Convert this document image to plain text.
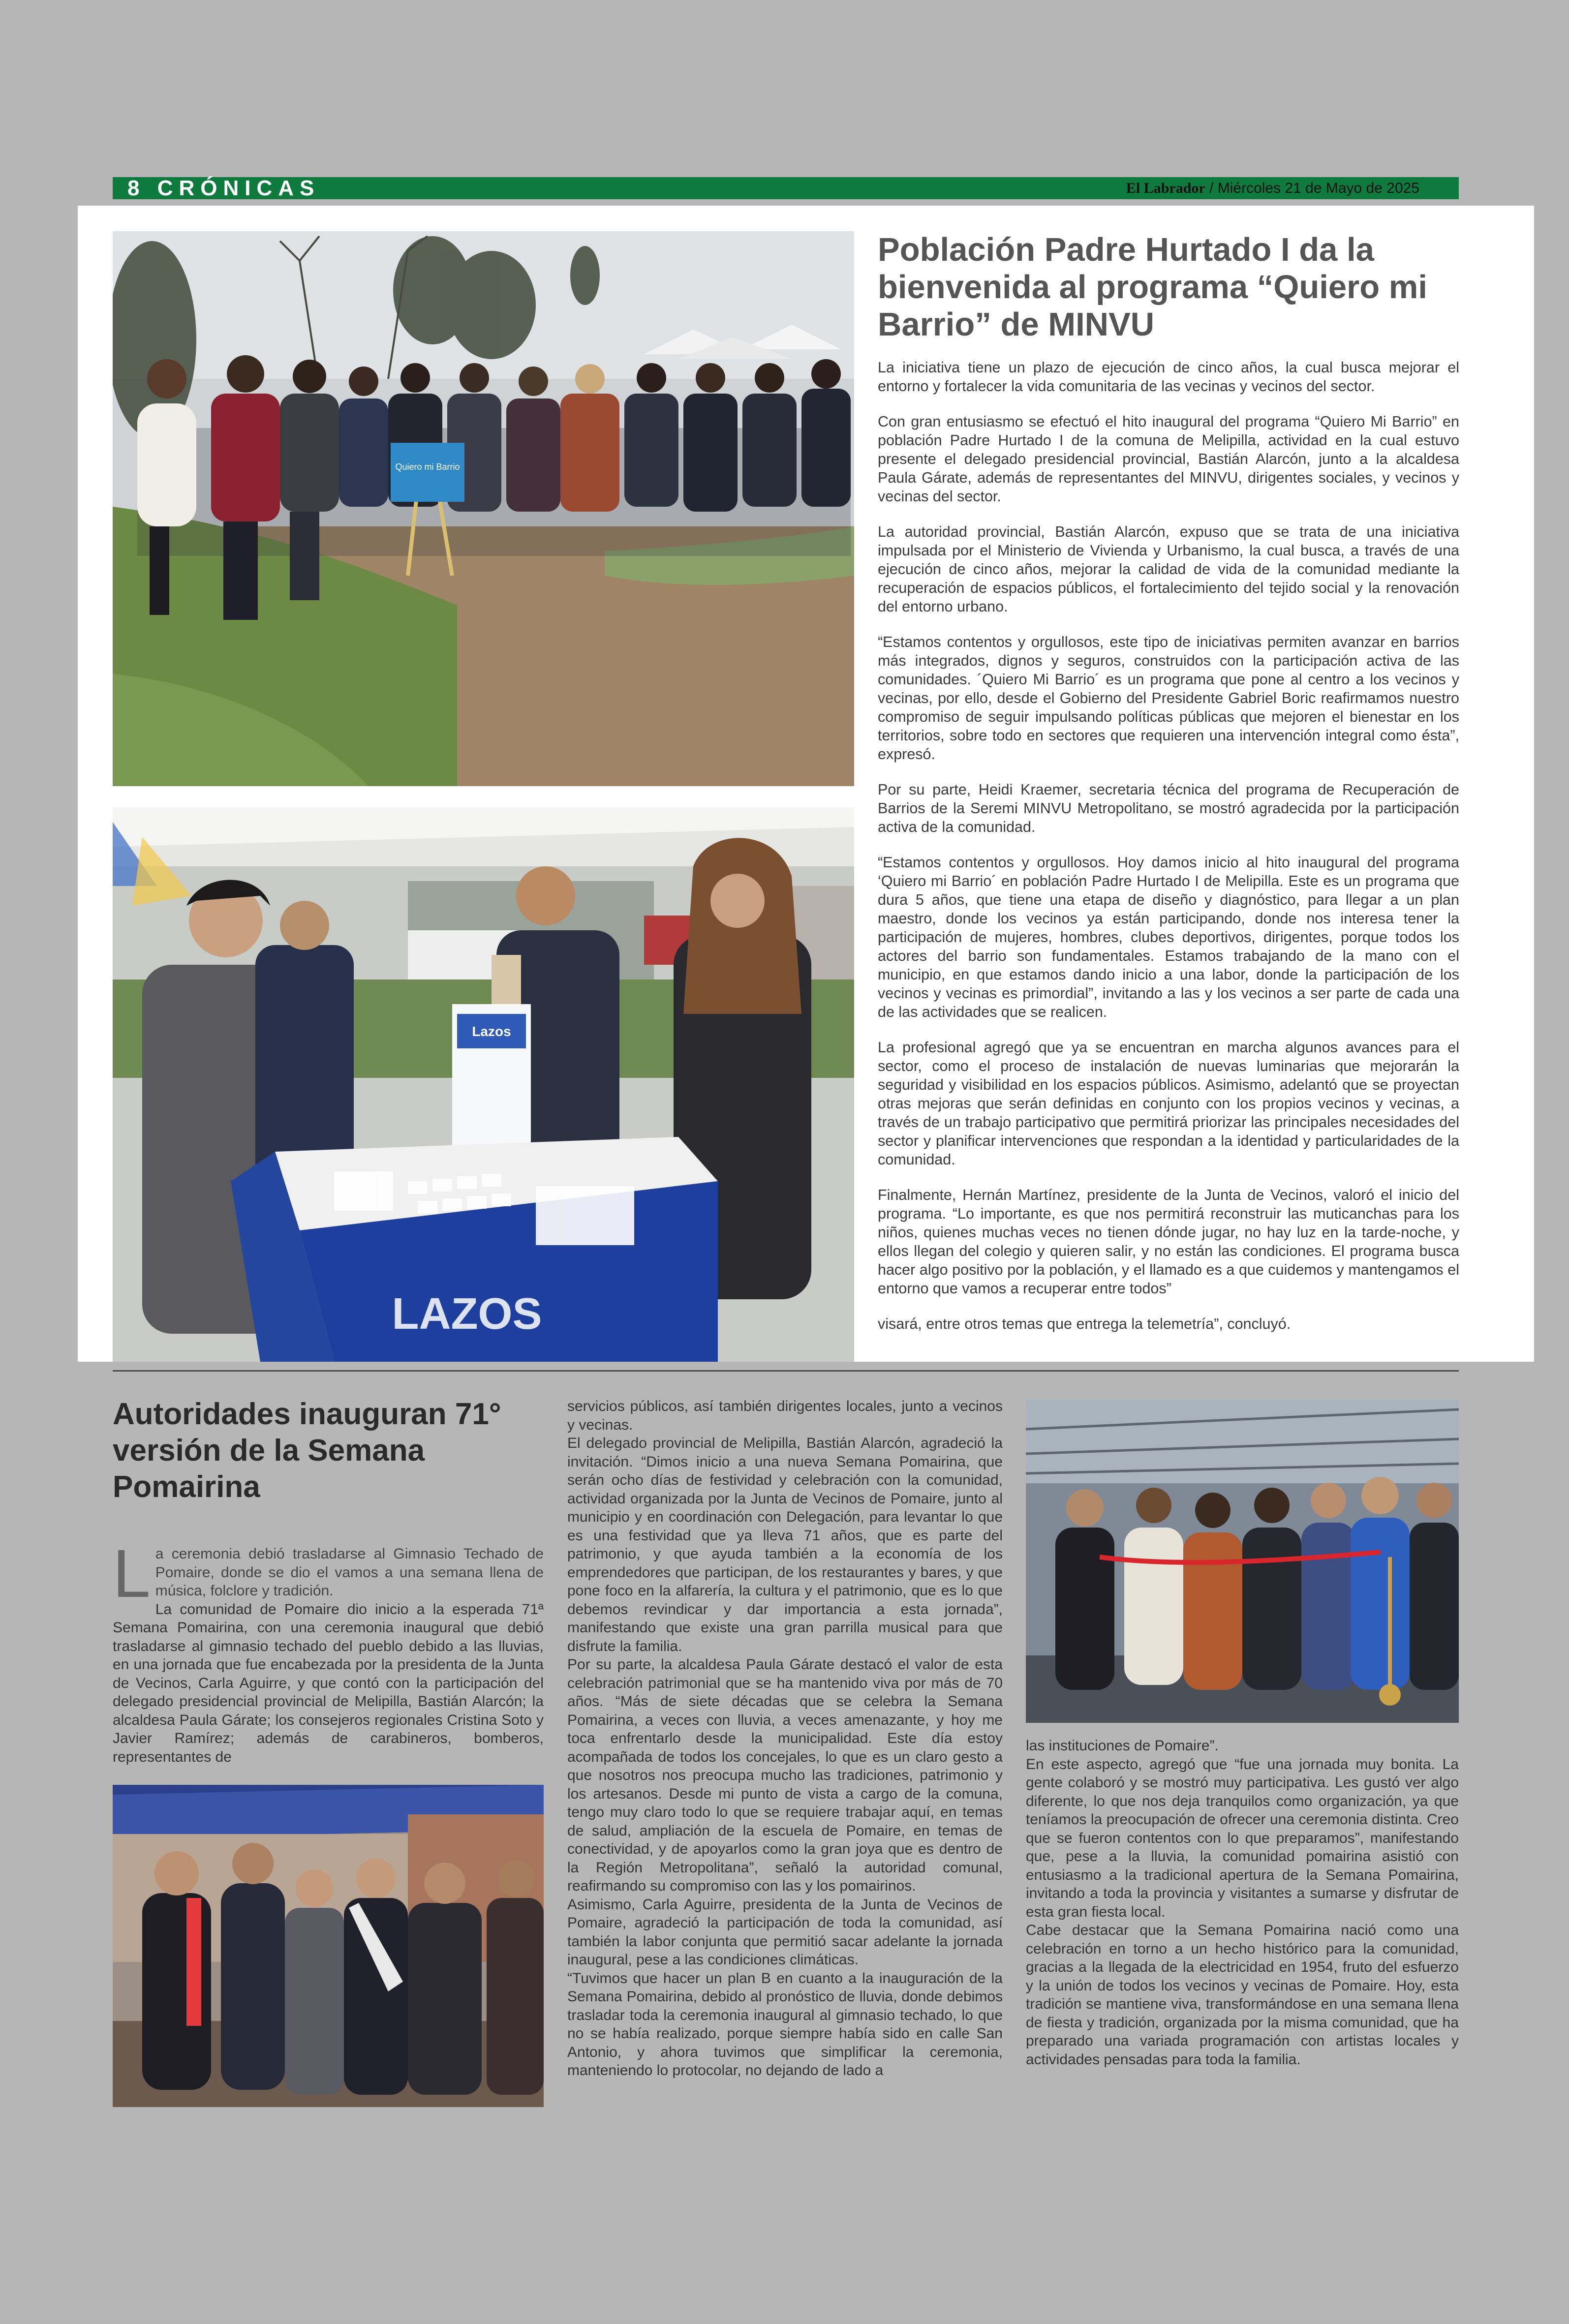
8 CRÓNICAS	El Labrador / Miércoles 21 de Mayo de 2025
Quiero mi Barrio
Lazos
LAZOS
Población Padre Hurtado I da la bienvenida al programa “Quiero mi Barrio” de MINVU

La iniciativa tiene un plazo de ejecución de cinco años, la cual busca mejorar el entorno y fortalecer la vida comunitaria de las vecinas y vecinos del sector.

Con gran entusiasmo se efectuó el hito inaugural del programa “Quiero Mi Barrio” en población Padre Hurtado I de la comuna de Melipilla, actividad en la cual estuvo presente el delegado presidencial provincial, Bastián Alarcón, junto a la alcaldesa Paula Gárate, además de representantes del MINVU, dirigentes sociales, y vecinos y vecinas del sector.

La autoridad provincial, Bastián Alarcón, expuso que se trata de una iniciativa impulsada por el Ministerio de Vivienda y Urbanismo, la cual busca, a través de una ejecución de cinco años, mejorar la calidad de vida de la comunidad mediante la recuperación de espacios públicos, el fortalecimiento del tejido social y la renovación del entorno urbano.

“Estamos contentos y orgullosos, este tipo de iniciativas permiten avanzar en barrios más integrados, dignos y seguros, construidos con la participación activa de las comunidades. ´Quiero Mi Barrio´ es un programa que pone al centro a los vecinos y vecinas, por ello, desde el Gobierno del Presidente Gabriel Boric reafirmamos nuestro compromiso de seguir impulsando políticas públicas que mejoren el bienestar en los territorios, sobre todo en sectores que requieren una intervención integral como ésta”, expresó.

Por su parte, Heidi Kraemer, secretaria técnica del programa de Recuperación de Barrios de la Seremi MINVU Metropolitano, se mostró agradecida por la participación activa de la comunidad.

“Estamos contentos y orgullosos. Hoy damos inicio al hito inaugural del programa ‘Quiero mi Barrio´ en población Padre Hurtado I de Melipilla. Este es un programa que dura 5 años, que tiene una etapa de diseño y diagnóstico, para llegar a un plan maestro, donde los vecinos ya están participando, donde nos interesa tener la participación de mujeres, hombres, clubes deportivos, dirigentes, porque todos los actores del barrio son fundamentales. Estamos trabajando de la mano con el municipio, en que estamos dando inicio a una labor, donde la participación de los vecinos y vecinas es primordial”, invitando a las y los vecinos a ser parte de cada una de las actividades que se realicen.

La profesional agregó que ya se encuentran en marcha algunos avances para el sector, como el proceso de instalación de nuevas luminarias que mejorarán la seguridad y visibilidad en los espacios públicos. Asimismo, adelantó que se proyectan otras mejoras que serán definidas en conjunto con los propios vecinos y vecinas, a través de un trabajo participativo que permitirá priorizar las principales necesidades del sector y planificar intervenciones que respondan a la identidad y particularidades de la comunidad.

Finalmente, Hernán Martínez, presidente de la Junta de Vecinos, valoró el inicio del programa. “Lo importante, es que nos permitirá reconstruir las muticanchas para los niños, quienes muchas veces no tienen dónde jugar, no hay luz en la tarde-noche, y ellos llegan del colegio y quieren salir, y no están las condiciones. El programa busca hacer algo positivo por la población, y el llamado es a que cuidemos y mantengamos el entorno que vamos a recuperar entre todos”

visará, entre otros temas que entrega la telemetría”, concluyó.

Autoridades inauguran 71° versión de la Semana Pomairina

La ceremonia debió trasladarse al Gimnasio Techado de Pomaire, donde se dio el vamos a una semana llena de música, folclore y tradición.

La comunidad de Pomaire dio inicio a la esperada 71ª Semana Pomairina, con una ceremonia inaugural que debió trasladarse al gimnasio techado del pueblo debido a las lluvias, en una jornada que fue encabezada por la presidenta de la Junta de Vecinos, Carla Aguirre, y que contó con la participación del delegado presidencial provincial de Melipilla, Bastián Alarcón; la alcaldesa Paula Gárate; los consejeros regionales Cristina Soto y Javier Ramírez; además de carabineros, bomberos, representantes de

servicios públicos, así también dirigentes locales, junto a vecinos y vecinas.

El delegado provincial de Melipilla, Bastián Alarcón, agradeció la invitación. “Dimos inicio a una nueva Semana Pomairina, que serán ocho días de festividad y celebración con la comunidad, actividad organizada por la Junta de Vecinos de Pomaire, junto al municipio y en coordinación con Delegación, para levantar lo que es una festividad que ya lleva 71 años, que es parte del patrimonio, y que ayuda también a la economía de los emprendedores que participan, de los restaurantes y bares, y que pone foco en la alfarería, la cultura y el patrimonio, que es lo que debemos revindicar y dar importancia a esta jornada”, manifestando que existe una gran parrilla musical para que disfrute la familia.

Por su parte, la alcaldesa Paula Gárate destacó el valor de esta celebración patrimonial que se ha mantenido viva por más de 70 años. “Más de siete décadas que se celebra la Semana Pomairina, a veces con lluvia, a veces amenazante, y hoy me toca enfrentarlo desde la municipalidad. Este día estoy acompañada de todos los concejales, lo que es un claro gesto a que nosotros nos preocupa mucho las tradiciones, patrimonio y los artesanos. Desde mi punto de vista a cargo de la comuna, tengo muy claro todo lo que se requiere trabajar aquí, en temas de salud, ampliación de la escuela de Pomaire, en temas de conectividad, y de apoyarlos como la gran joya que es dentro de la Región Metropolitana”, señaló la autoridad comunal, reafirmando su compromiso con las y los pomairinos.

Asimismo, Carla Aguirre, presidenta de la Junta de Vecinos de Pomaire, agradeció la participación de toda la comunidad, así también la labor conjunta que permitió sacar adelante la jornada inaugural, pese a las condiciones climáticas.

“Tuvimos que hacer un plan B en cuanto a la inauguración de la Semana Pomairina, debido al pronóstico de lluvia, donde debimos trasladar toda la ceremonia inaugural al gimnasio techado, lo que no se había realizado, porque siempre había sido en calle San Antonio, y ahora tuvimos que simplificar la ceremonia, manteniendo lo protocolar, no dejando de lado a

las instituciones de Pomaire”.

En este aspecto, agregó que “fue una jornada muy bonita. La gente colaboró y se mostró muy participativa. Les gustó ver algo diferente, lo que nos deja tranquilos como organización, ya que teníamos la preocupación de ofrecer una ceremonia distinta. Creo que se fueron contentos con lo que preparamos”, manifestando que, pese a la lluvia, la comunidad pomairina asistió con entusiasmo a la tradicional apertura de la Semana Pomairina, invitando a toda la provincia y visitantes a sumarse y disfrutar de esta gran fiesta local.

Cabe destacar que la Semana Pomairina nació como una celebración en torno a un hecho histórico para la comunidad, gracias a la llegada de la electricidad en 1954, fruto del esfuerzo y la unión de todos los vecinos y vecinas de Pomaire. Hoy, esta tradición se mantiene viva, transformándose en una semana llena de fiesta y tradición, organizada por la misma comunidad, que ha preparado una variada programación con artistas locales y actividades pensadas para toda la familia.
